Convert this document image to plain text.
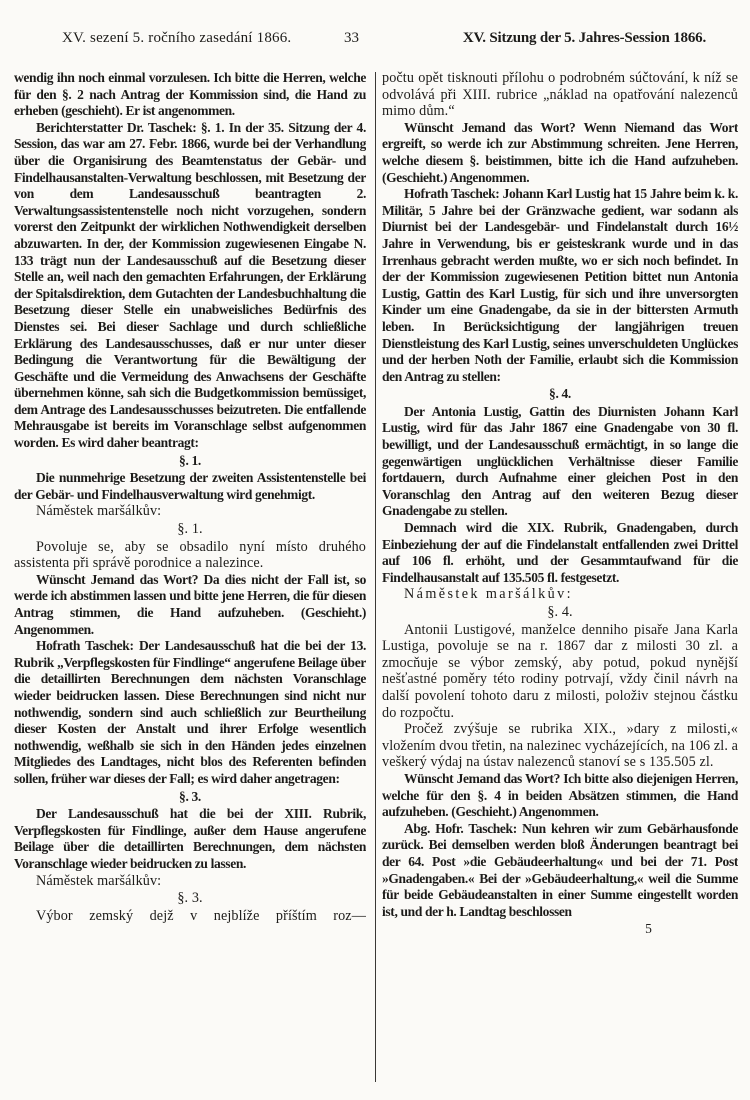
XV. sezení 5. ročního zasedání 1866.	33	XV. Sitzung der 5. Jahres-Session 1866.

wendig ihn noch einmal vorzulesen. Ich bitte die Herren, welche für den §. 2 nach Antrag der Kommission sind, die Hand zu erheben (geschieht). Er ist angenommen.

Berichterstatter Dr. Taschek: §. 1. In der 35. Sitzung der 4. Session, das war am 27. Febr. 1866, wurde bei der Verhandlung über die Organisirung des Beamtenstatus der Gebär- und Findelhausanstalten-Verwaltung beschlossen, mit Besetzung der von dem Landesausschuß beantragten 2. Verwaltungsassistentenstelle noch nicht vorzugehen, sondern vorerst den Zeitpunkt der wirklichen Nothwendigkeit derselben abzuwarten. In der, der Kommission zugewiesenen Eingabe N. 133 trägt nun der Landesausschuß auf die Besetzung dieser Stelle an, weil nach den gemachten Erfahrungen, der Erklärung der Spitalsdirektion, dem Gutachten der Landesbuchhaltung die Besetzung dieser Stelle ein unabweisliches Bedürfnis des Dienstes sei. Bei dieser Sachlage und durch schließliche Erklärung des Landesausschusses, daß er nur unter dieser Bedingung die Verantwortung für die Bewältigung der Geschäfte und die Vermeidung des Anwachsens der Geschäfte übernehmen könne, sah sich die Budgetkommission bemüssiget, dem Antrage des Landesausschusses beizutreten. Die entfallende Mehrausgabe ist bereits im Voranschlage selbst aufgenommen worden. Es wird daher beantragt:

§. 1.

Die nunmehrige Besetzung der zweiten Assistentenstelle bei der Gebär- und Findelhausverwaltung wird genehmigt.

Náměstek maršálkův:

§. 1.

Povoluje se, aby se obsadilo nyní místo druhého assistenta při správě porodnice a nalezince.

Wünscht Jemand das Wort? Da dies nicht der Fall ist, so werde ich abstimmen lassen und bitte jene Herren, die für diesen Antrag stimmen, die Hand aufzuheben. (Geschieht.) Angenommen.

Hofrath Taschek: Der Landesausschuß hat die bei der 13. Rubrik „Verpflegskosten für Findlinge“ angerufene Beilage über die detaillirten Berechnungen dem nächsten Voranschlage wieder beidrucken lassen. Diese Berechnungen sind nicht nur nothwendig, sondern sind auch schließlich zur Beurtheilung dieser Kosten der Anstalt und ihrer Erfolge wesentlich nothwendig, weßhalb sie sich in den Händen jedes einzelnen Mitgliedes des Landtages, nicht blos des Referenten befinden sollen, früher war dieses der Fall; es wird daher angetragen:

§. 3.

Der Landesausschuß hat die bei der XIII. Rubrik, Verpflegskosten für Findlinge, außer dem Hause angerufene Beilage über die detaillirten Berechnungen, dem nächsten Voranschlage wieder beidrucken zu lassen.

Náměstek maršálkův:

§. 3.

Výbor zemský dejž v nejblíže příštím roz—

počtu opět tisknouti přílohu o podrobném súčtování, k níž se odvolává při XIII. rubrice „náklad na opatřování nalezenců mimo dům.“

Wünscht Jemand das Wort? Wenn Niemand das Wort ergreift, so werde ich zur Abstimmung schreiten. Jene Herren, welche diesem §. beistimmen, bitte ich die Hand aufzuheben. (Geschieht.) Angenommen.

Hofrath Taschek: Johann Karl Lustig hat 15 Jahre beim k. k. Militär, 5 Jahre bei der Gränzwache gedient, war sodann als Diurnist bei der Landesgebär- und Findelanstalt durch 16½ Jahre in Verwendung, bis er geisteskrank wurde und in das Irrenhaus gebracht werden mußte, wo er sich noch befindet. In der der Kommission zugewiesenen Petition bittet nun Antonia Lustig, Gattin des Karl Lustig, für sich und ihre unversorgten Kinder um eine Gnadengabe, da sie in der bittersten Armuth leben. In Berücksichtigung der langjährigen treuen Dienstleistung des Karl Lustig, seines unverschuldeten Unglückes und der herben Noth der Familie, erlaubt sich die Kommission den Antrag zu stellen:

§. 4.

Der Antonia Lustig, Gattin des Diurnisten Johann Karl Lustig, wird für das Jahr 1867 eine Gnadengabe von 30 fl. bewilligt, und der Landesausschuß ermächtigt, in so lange die gegenwärtigen unglücklichen Verhältnisse dieser Familie fortdauern, durch Aufnahme einer gleichen Post in den Voranschlag den Antrag auf den weiteren Bezug dieser Gnadengabe zu stellen.

Demnach wird die XIX. Rubrik, Gnadengaben, durch Einbeziehung der auf die Findelanstalt entfallenden zwei Drittel auf 106 fl. erhöht, und der Gesammtaufwand für die Findelhausanstalt auf 135.505 fl. festgesetzt.

Náměstek maršálkův:

§. 4.

Antonii Lustigové, manželce denniho pisaře Jana Karla Lustiga, povoluje se na r. 1867 dar z milosti 30 zl. a zmocňuje se výbor zemský, aby potud, pokud nynější nešťastné poměry této rodiny potrvají, vždy činil návrh na další povolení tohoto daru z milosti, položiv stejnou částku do rozpočtu.

Pročež zvýšuje se rubrika XIX., »dary z milosti,« vložením dvou třetin, na nalezinec vycházejících, na 106 zl. a veškerý výdaj na ústav nalezenců stanoví se s 135.505 zl.

Wünscht Jemand das Wort? Ich bitte also diejenigen Herren, welche für den §. 4 in beiden Absätzen stimmen, die Hand aufzuheben. (Geschieht.) Angenommen.

Abg. Hofr. Taschek: Nun kehren wir zum Gebärhausfonde zurück. Bei demselben werden bloß Änderungen beantragt bei der 64. Post »die Gebäudeerhaltung« und bei der 71. Post »Gnadengaben.« Bei der »Gebäudeerhaltung,« weil die Summe für beide Gebäudeanstalten in einer Summe eingestellt worden ist, und der h. Landtag beschlossen

5
